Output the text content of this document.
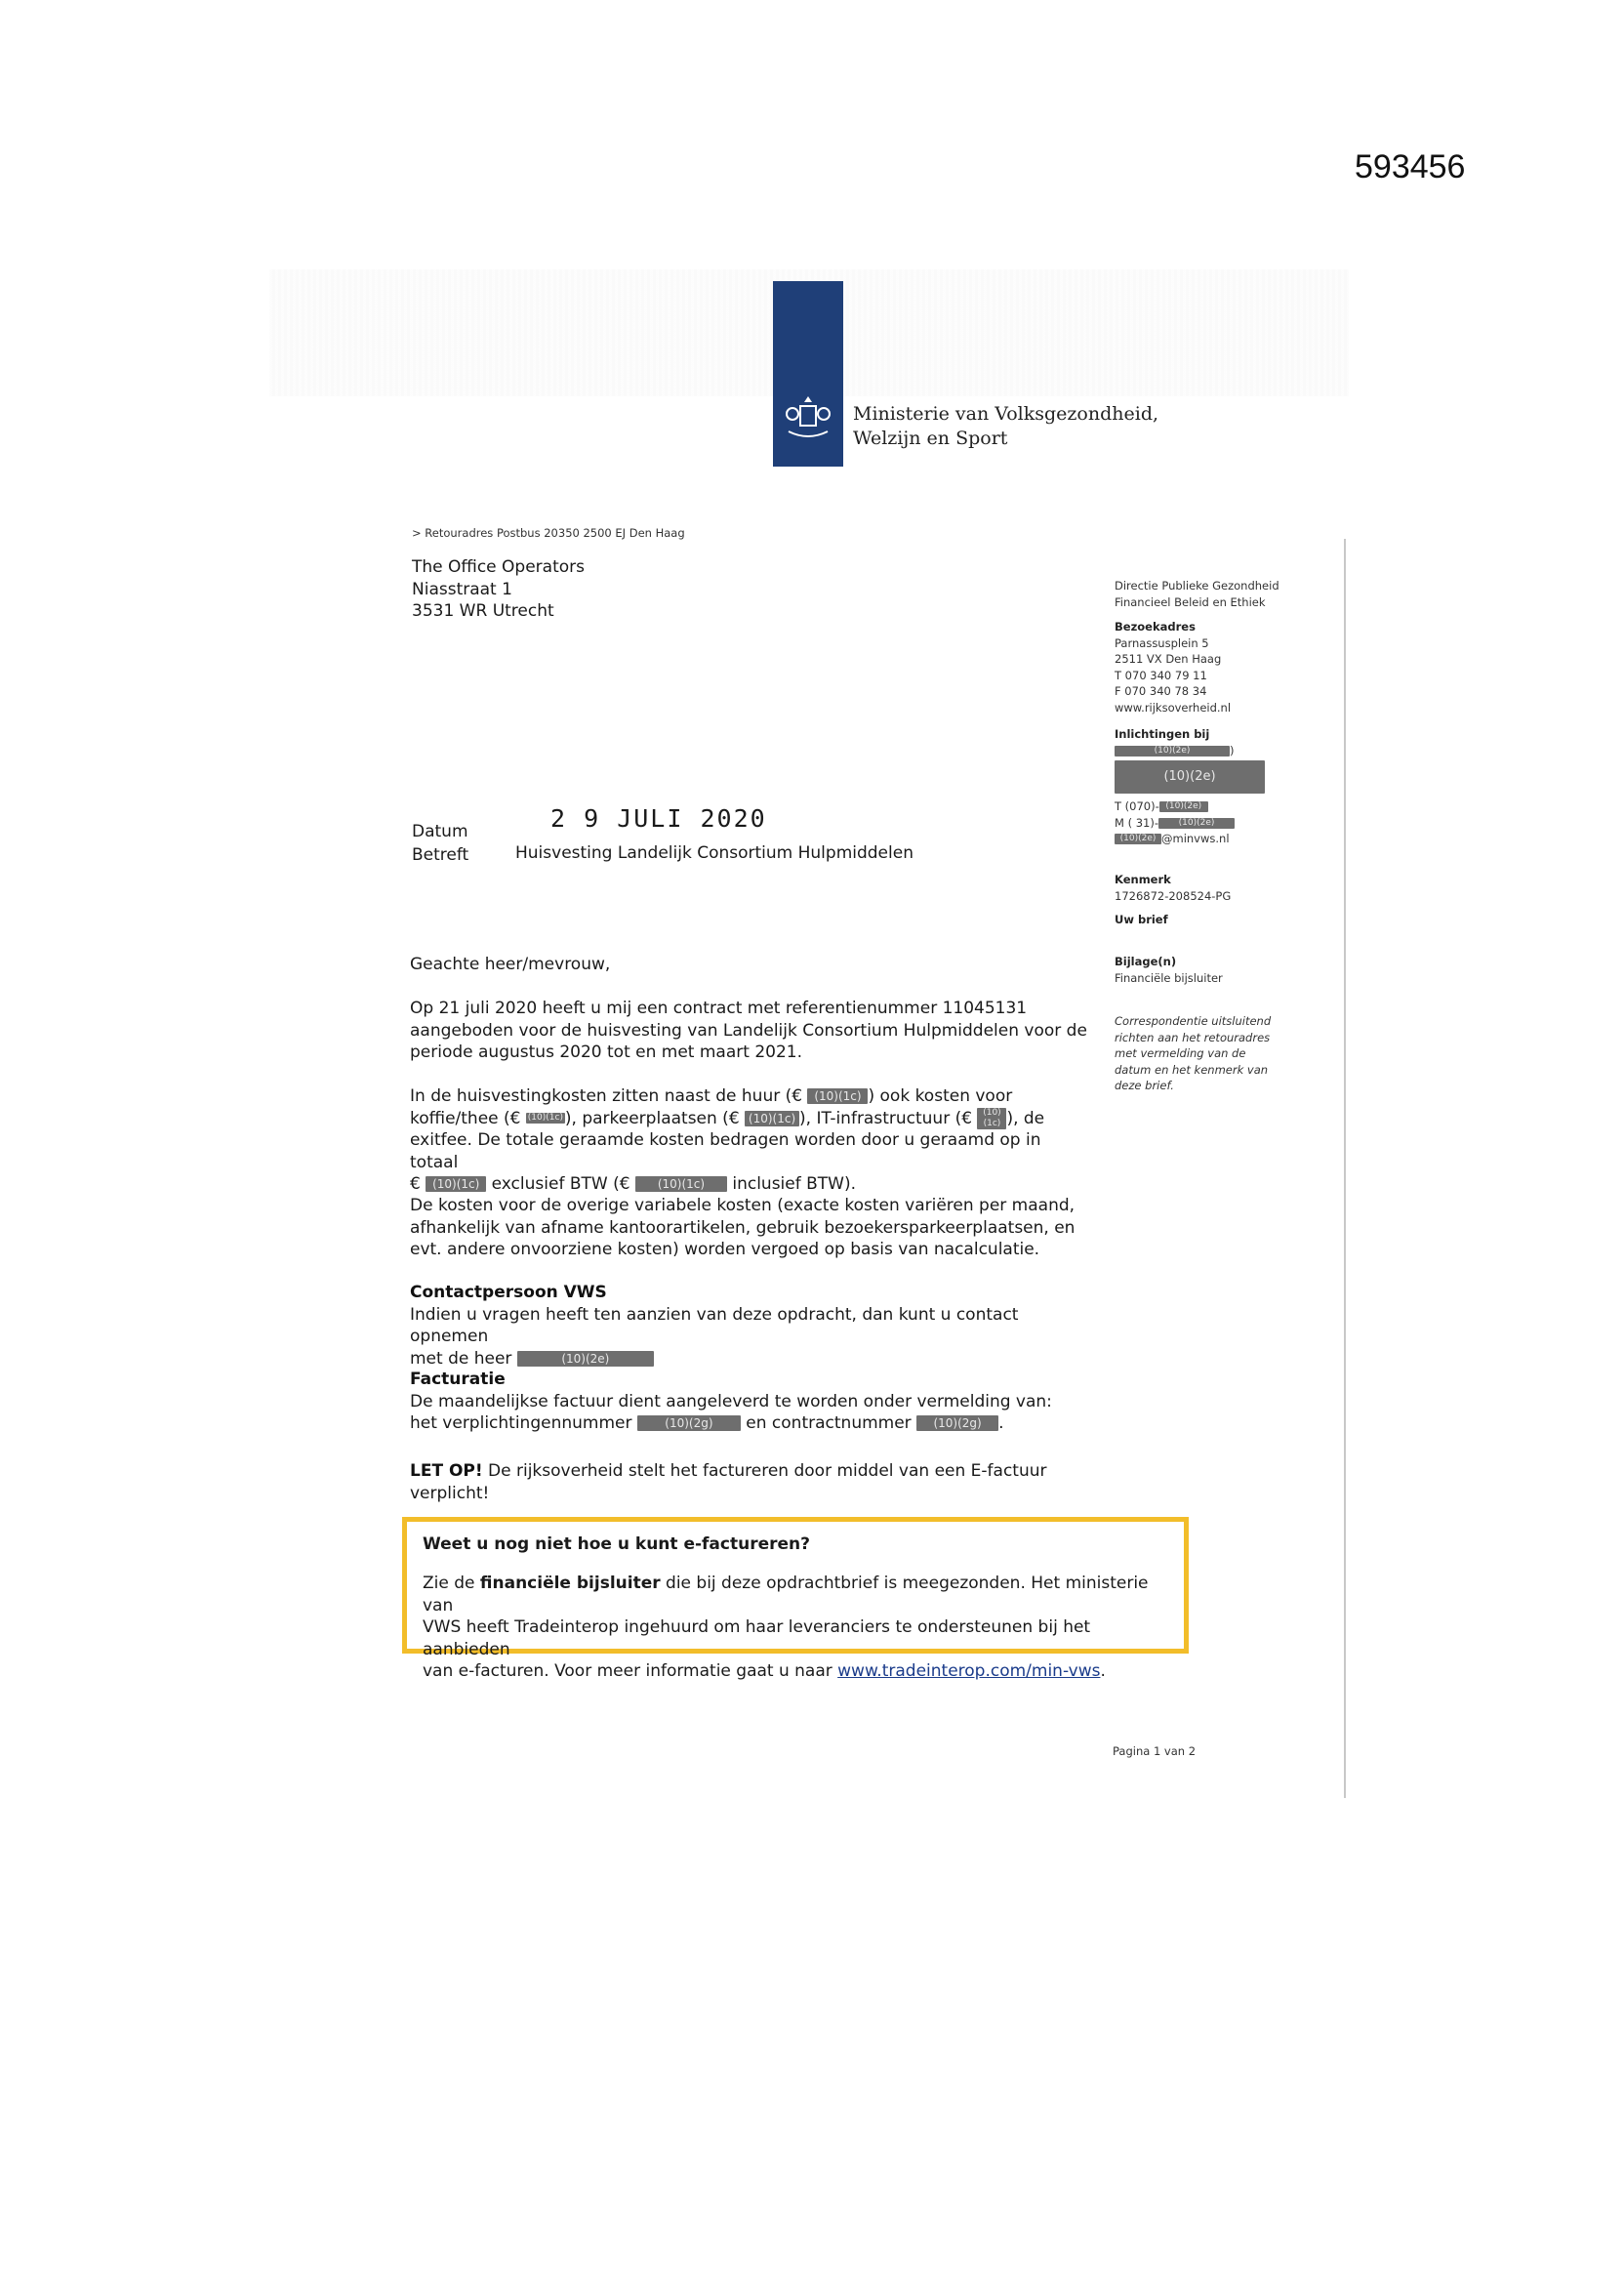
593456
Ministerie van Volksgezondheid,
Welzijn en Sport
> Retouradres Postbus 20350 2500 EJ Den Haag
The Office Operators
Niasstraat 1
3531 WR Utrecht
Directie Publieke Gezondheid
Financieel Beleid en Ethiek
Bezoekadres
Parnassusplein 5
2511 VX Den Haag
T 070 340 79 11
F 070 340 78 34
www.rijksoverheid.nl
Inlichtingen bij
(10)(2e)	)
(10)(2e)
T (070)- (10)(2e)
M ( 31)- (10)(2e)
(10)(2e) @minvws.nl
Kenmerk
1726872-208524-PG
Uw brief
Bijlage(n)
Financiële bijsluiter
Correspondentie uitsluitend
richten aan het retouradres
met vermelding van de
datum en het kenmerk van
deze brief.
Datum
Betreft
2 9 JULI 2020
Huisvesting Landelijk Consortium Hulpmiddelen
Geachte heer/mevrouw,
Op 21 juli 2020 heeft u mij een contract met referentienummer 11045131
aangeboden voor de huisvesting van Landelijk Consortium Hulpmiddelen voor de
periode augustus 2020 tot en met maart 2021.
In de huisvestingkosten zitten naast de huur (€ (10)(1c) ) ook kosten voor
koffie/thee (€ (10)(1c) ), parkeerplaatsen (€ (10)(1c) ), IT-infrastructuur (€ (10)(1c) ), de
exitfee. De totale geraamde kosten bedragen worden door u geraamd op in totaal
€ (10)(1c) exclusief BTW (€ (10)(1c) inclusief BTW).
De kosten voor de overige variabele kosten (exacte kosten variëren per maand,
afhankelijk van afname kantoorartikelen, gebruik bezoekersparkeerplaatsen, en
evt. andere onvoorziene kosten) worden vergoed op basis van nacalculatie.
Contactpersoon VWS
Indien u vragen heeft ten aanzien van deze opdracht, dan kunt u contact opnemen
met de heer	(10)(2e)
Facturatie
De maandelijkse factuur dient aangeleverd te worden onder vermelding van:
het verplichtingennummer (10)(2g) en contractnummer (10)(2g) .
LET OP! De rijksoverheid stelt het factureren door middel van een E-factuur
verplicht!
Weet u nog niet hoe u kunt e-factureren?
Zie de financiële bijsluiter die bij deze opdrachtbrief is meegezonden. Het ministerie van
VWS heeft Tradeinterop ingehuurd om haar leveranciers te ondersteunen bij het aanbieden
van e-facturen. Voor meer informatie gaat u naar www.tradeinterop.com/min-vws.
Pagina 1 van 2
